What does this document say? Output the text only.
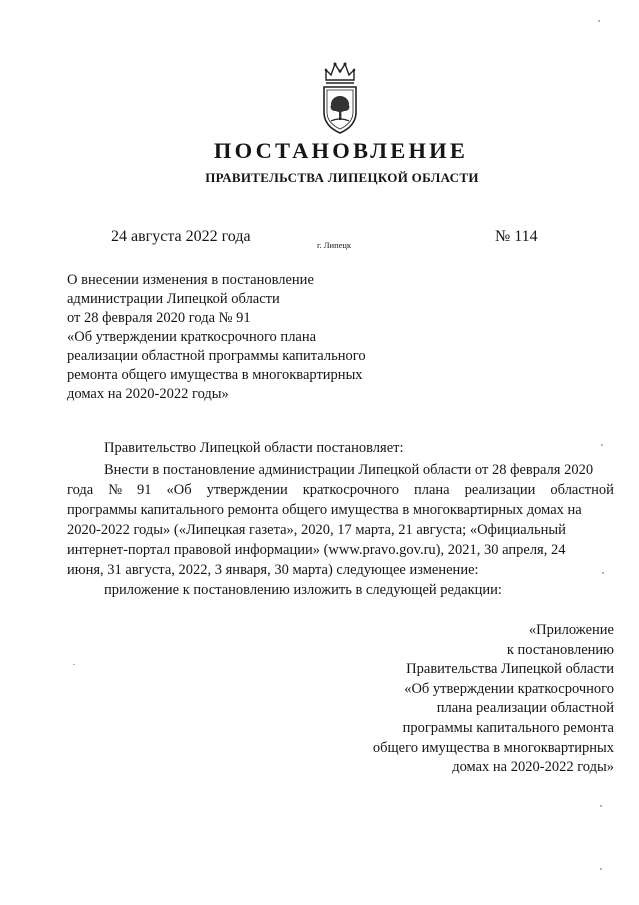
ПОСТАНОВЛЕНИЕ
ПРАВИТЕЛЬСТВА ЛИПЕЦКОЙ ОБЛАСТИ
24 августа 2022 года	г. Липецк	№ 114
О внесении изменения в постановление
администрации Липецкой области
от 28 февраля 2020 года № 91
«Об утверждении краткосрочного плана
реализации областной программы капитального
ремонта общего имущества в многоквартирных
домах на 2020-2022 годы»
Правительство Липецкой области постановляет:
Внести в постановление администрации Липецкой области от 28 февраля 2020
года № 91 «Об утверждении краткосрочного плана реализации областной
программы капитального ремонта общего имущества в многоквартирных домах на
2020-2022 годы» («Липецкая газета», 2020, 17 марта, 21 августа; «Официальный
интернет-портал правовой информации» (www.pravo.gov.ru), 2021, 30 апреля, 24
июня, 31 августа, 2022, 3 января, 30 марта) следующее изменение:
приложение к постановлению изложить в следующей редакции:
«Приложение
к постановлению
Правительства Липецкой области
«Об утверждении краткосрочного
плана реализации областной
программы капитального ремонта
общего имущества в многоквартирных
домах на 2020-2022 годы»
